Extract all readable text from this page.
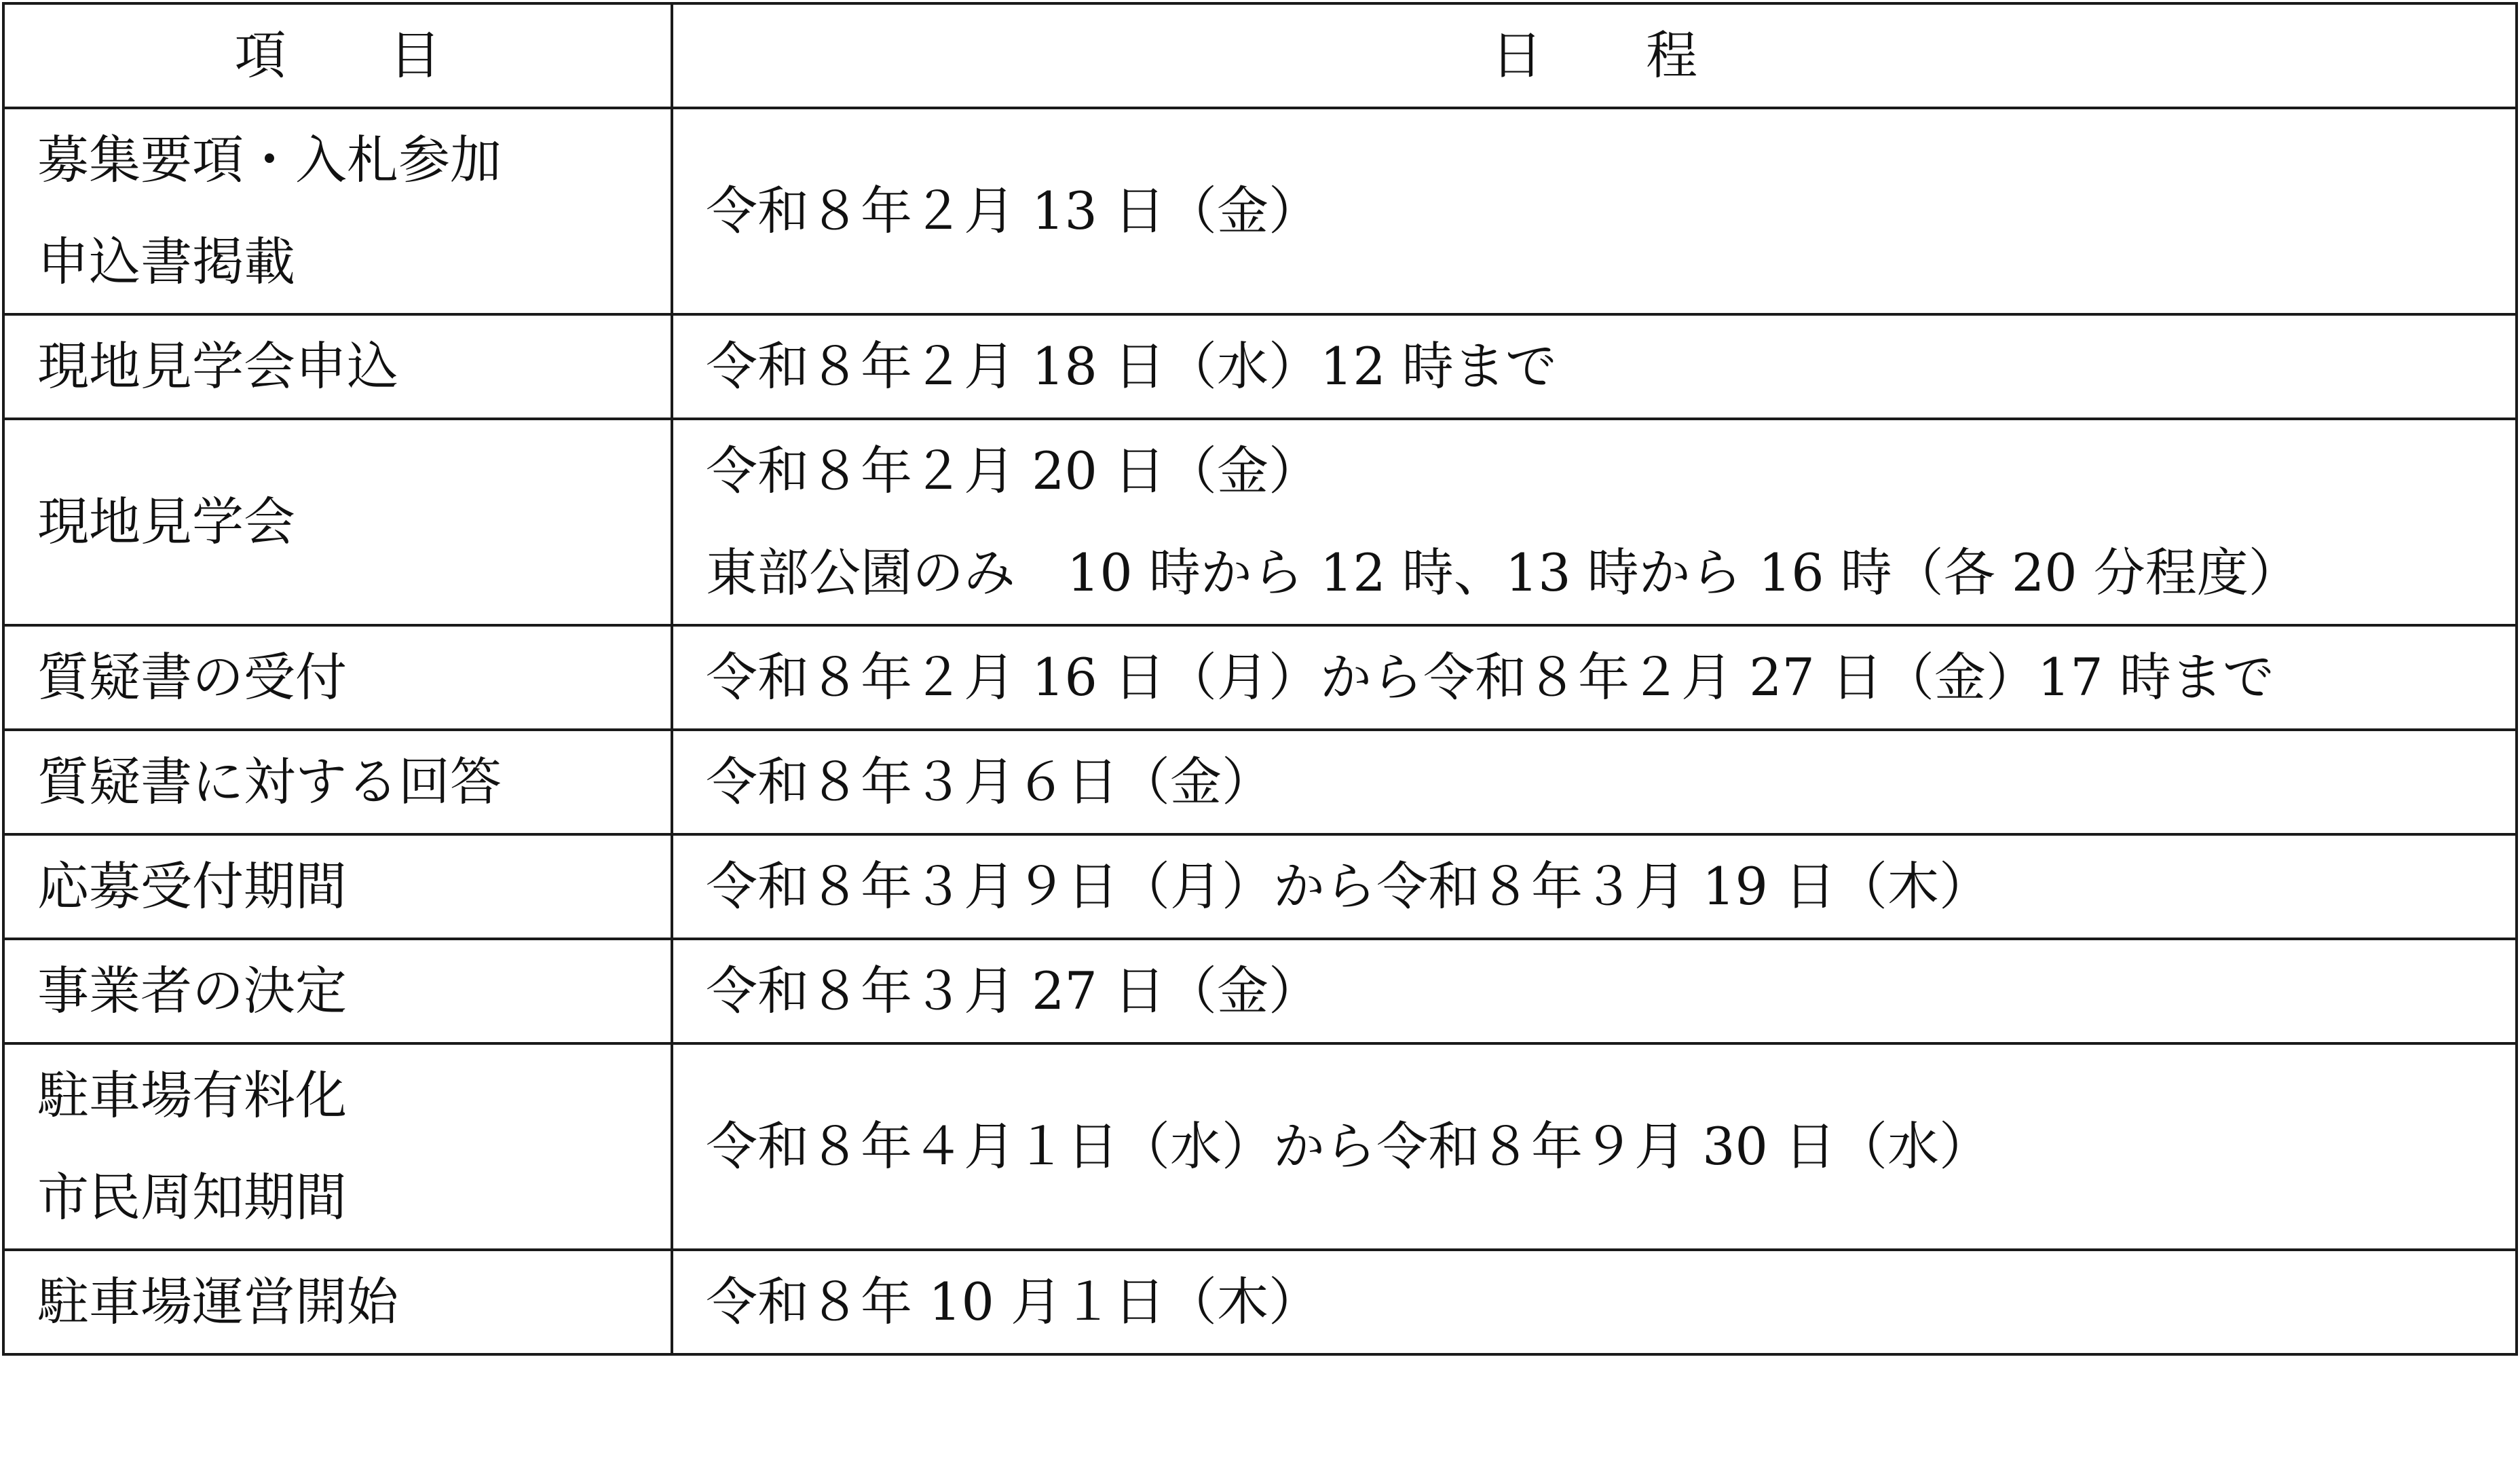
項　　目	日　　程

募集要項・入札参加
申込書掲載	令和８年２月 13 日（金）

現地見学会申込	令和８年２月 18 日（水）12 時まで

現地見学会	令和８年２月 20 日（金）
東部公園のみ　10 時から 12 時、13 時から 16 時（各 20 分程度）

質疑書の受付	令和８年２月 16 日（月）から令和８年２月 27 日（金）17 時まで

質疑書に対する回答	令和８年３月６日（金）

応募受付期間	令和８年３月９日（月）から令和８年３月 19 日（木）

事業者の決定	令和８年３月 27 日（金）

駐車場有料化
市民周知期間	令和８年４月１日（水）から令和８年９月 30 日（水）

駐車場運営開始	令和８年 10 月１日（木）
